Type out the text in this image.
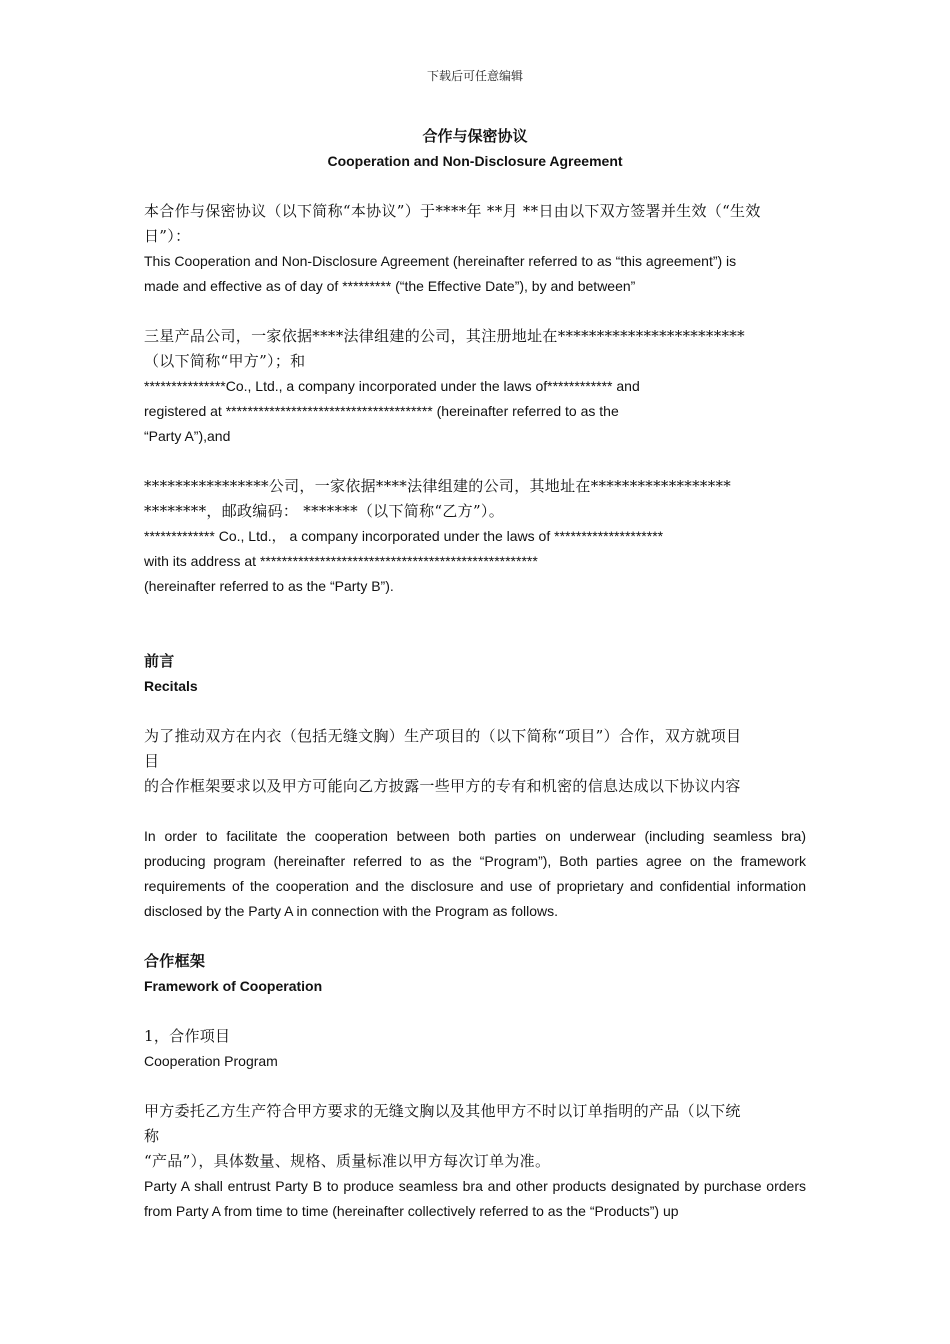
下载后可任意编辑

合作与保密协议

Cooperation and Non-Disclosure Agreement

本合作与保密协议（以下简称“本协议”）于****年 **月 **日由以下双方签署并生效（“生效日”）：

This Cooperation and Non-Disclosure Agreement (hereinafter referred to as “this agreement”) is

made and effective as of day of ********* (“the Effective Date”), by and between”

三星产品公司，一家依据****法律组建的公司，其注册地址在************************

（以下简称“甲方”）；和

***************Co., Ltd., a company incorporated under the laws of************ and

registered at ************************************** (hereinafter referred to as the

“Party A”),and

****************公司，一家依据****法律组建的公司，其地址在******************

********，邮政编码： *******（以下简称“乙方”）。

************* Co., Ltd.， a company incorporated under the laws of ********************

with its address at ***************************************************

(hereinafter referred to as the “Party B”).

前言

Recitals

为了推动双方在内衣（包括无缝文胸）生产项目的（以下简称“项目”）合作，双方就项目

目

的合作框架要求以及甲方可能向乙方披露一些甲方的专有和机密的信息达成以下协议内容

In order to facilitate the cooperation between both parties on underwear (including seamless bra) producing program (hereinafter referred to as the “Program”), Both parties agree on the framework requirements of the cooperation and the disclosure and use of proprietary and confidential information disclosed by the Party A in connection with the Program as follows.

合作框架

Framework of Cooperation

1，合作项目

Cooperation Program

甲方委托乙方生产符合甲方要求的无缝文胸以及其他甲方不时以订单指明的产品（以下统

称

“产品”），具体数量、规格、质量标准以甲方每次订单为准。

Party A shall entrust Party B to produce seamless bra and other products designated by purchase orders from Party A from time to time (hereinafter collectively referred to as the “Products”) up
